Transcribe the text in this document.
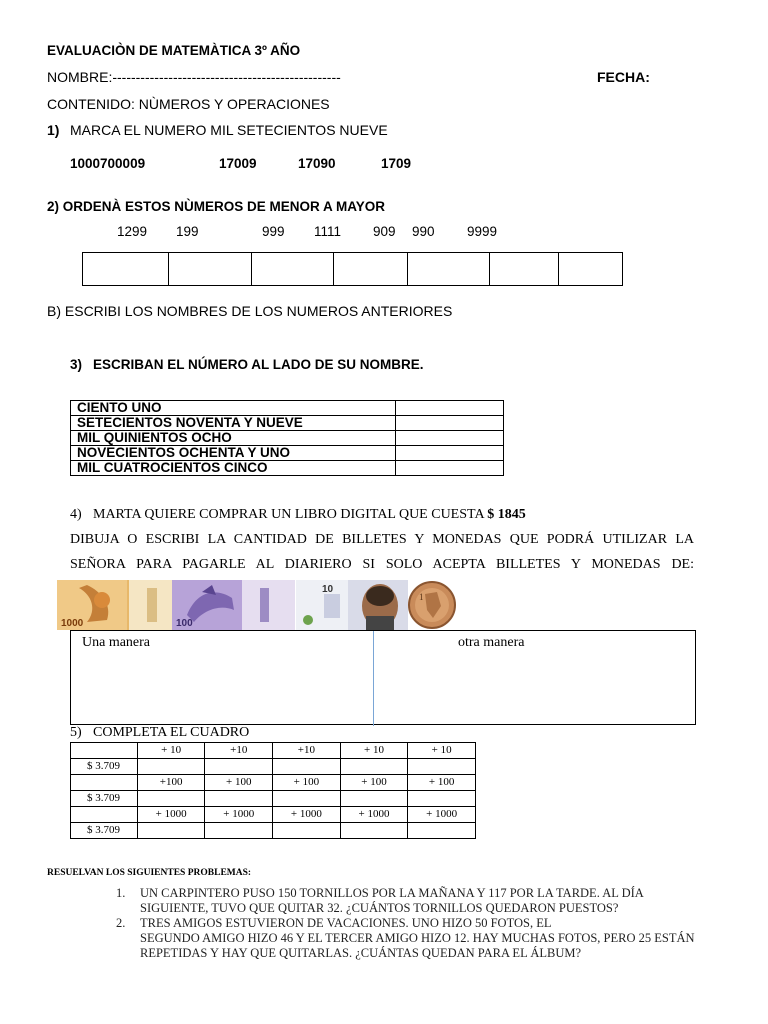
EVALUACIÒN DE MATEMÀTICA 3º AÑO
NOMBRE:-------------------------------------------------	FECHA:
CONTENIDO: NÙMEROS Y OPERACIONES
1) MARCA EL NUMERO MIL SETECIENTOS NUEVE
1000700009	17009	17090	1709
2) ORDENÀ ESTOS NÙMEROS DE MENOR A MAYOR
1299 199	999 1111 909 990 9999

B) ESCRIBI LOS NOMBRES DE LOS NUMEROS ANTERIORES
3) ESCRIBAN EL NÚMERO AL LADO DE SU NOMBRE.
CIENTO UNO	
SETECIENTOS NOVENTA Y NUEVE	
MIL QUINIENTOS OCHO	
NOVECIENTOS OCHENTA Y UNO	
MIL CUATROCIENTOS CINCO	
4) MARTA QUIERE COMPRAR UN LIBRO DIGITAL QUE CUESTA $ 1845
DIBUJA O ESCRIBI LA CANTIDAD DE BILLETES Y MONEDAS QUE PODRÁ UTILIZAR LA
SEÑORA PARA PAGARLE AL DIARIERO SI SOLO ACEPTA BILLETES Y MONEDAS DE:
1000	100
10
1
Una manera	otra manera
5) COMPLETA EL CUADRO
	+ 10	+10	+10	+ 10	+ 10
$ 3.709					
	+100	+ 100	+ 100	+ 100	+ 100
$ 3.709					
	+ 1000	+ 1000	+ 1000	+ 1000	+ 1000
$ 3.709					
RESUELVAN LOS SIGUIENTES PROBLEMAS:
1. UN CARPINTERO PUSO 150 TORNILLOS POR LA MAÑANA Y 117 POR LA TARDE. AL DÍA
SIGUIENTE, TUVO QUE QUITAR 32. ¿CUÁNTOS TORNILLOS QUEDARON PUESTOS?
2. TRES AMIGOS ESTUVIERON DE VACACIONES. UNO HIZO 50 FOTOS, EL
SEGUNDO AMIGO HIZO 46 Y EL TERCER AMIGO HIZO 12. HAY MUCHAS FOTOS, PERO 25 ESTÁN
REPETIDAS Y HAY QUE QUITARLAS. ¿CUÁNTAS QUEDAN PARA EL ÁLBUM?
